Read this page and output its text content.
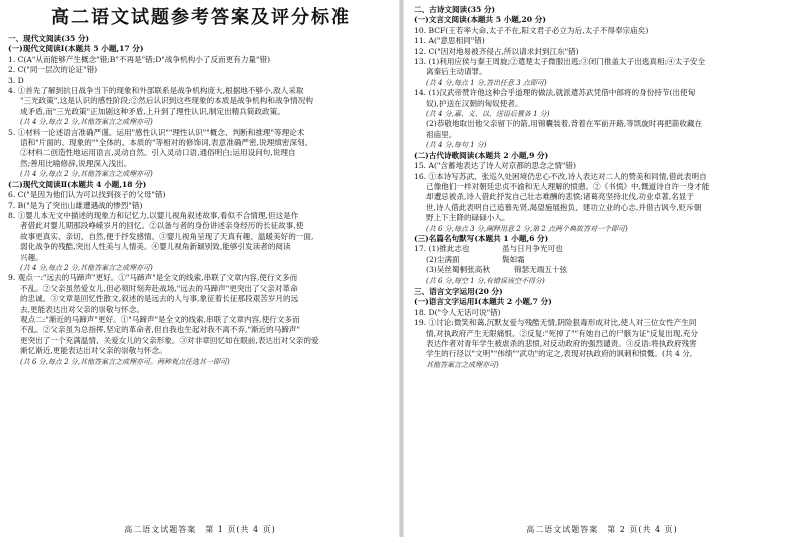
高二语文试题参考答案及评分标准

一、现代文阅读(35 分)

(一)现代文阅读Ⅰ(本题共 5 小题,17 分)

1. C(A"从而能够产生概念"错;B"不再是"错;D"战争机构小了反而更有力量"错)

2. C("同一层次的论证"错)

3. D

4. ①首先了解到抗日战争当下的现象和外部联系是战争机构庞大,根据地不够小,敌人采取

"三光政策",这是认识的感性阶段;②然后认识到这些现象的本质是战争机构和战争情况构

成矛盾,而"三光政策"正加剧这种矛盾,上升到了理性认识,制定出精兵简政政策。

(共 4 分,每点 2 分,其他答案言之成理亦可)

5. ①材料一论述语言准确严谨。运用"感性认识""理性认识""概念、判断和推理"等理论术

语和"片面的、现象的""全体的、本质的"等相对的修饰词,表意准确严密,说理缜密深刻。

②材料二创造性地运用语言,灵动自然。引入灵动口语,通俗明白;运用设问句,说理自

然;善用比喻修辞,说理深入浅出。

(共 4 分,每点 2 分,其他答案言之成理亦可)

(二)现代文阅读Ⅱ(本题共 4 小题,18 分)

6. C("是因为他们认为可以找到孩子的父母"错)

7. B("是为了突出山雄遭遇战的惨烈"错)

8. ①婴儿本无文中描述的现象力和记忆力,以婴儿视角叙述故事,看似不合情理,但这是作

者借此对婴儿期那段峥嵘岁月的回忆。②以备与者的身份讲述亲身经历的长征故事,使

故事更真实、亲切、自然,便于抒发感情。③婴儿视角呈现了天真有趣、温暖美好的一面,

弱化战争的残酷,突出人性美与人情美。④婴儿视角新颖别致,能够引发读者的阅读

兴趣。

(共 4 分,每点 2 分,其他答案言之成理亦可)

9. 观点一:"远去的马蹄声"更好。①"马蹄声"是全文的线索,串联了文章内容,使行文多而

不乱。②父亲虽然爱女儿,但必须时刻奔赴战场,"远去的马蹄声"更突出了父亲对革命

的忠诚。③文章是回忆性散文,叙述的是远去的人与事,象征着长征那段艰苦岁月的远

去,更能表达出对父亲的崇敬与怀念。

观点二:"渐近的马蹄声"更好。①"马蹄声"是全文的线索,串联了文章内容,使行文多而

不乱。②父亲虽为总指挥,坚定的革命者,但自我也生起对我不离不弃,"渐近的马蹄声"

更突出了一个充满温情、关爱女儿的父亲形象。③对非章回忆如在眼前,表达出对父亲的爱

渐忆渐近,更能表达出对父亲的崇敬与怀念。

(共 6 分,每点 2 分,其他答案言之成理亦可。两种观点任选其一即可)

高二语文试题答案　第 1 页(共 4 页)

二、古诗文阅读(35 分)

(一)文言文阅读(本题共 5 小题,20 分)

10. BCF(王若率大命,太子不在,阳文君子必立为后,太子不得奉宗庙矣)

11. A("意思相同"错)

12. C("因对地易被齐侵占,所以请求封到江东"错)

13. (1)利用应侯与秦王周旋;②遣楚太子微服出逃;③闭门推盖太子出逃真相;④太子安全

离秦后主动请罪。

(共 4 分,每点 1 分,答出任意 3 点即可)

14. (1)汉武帝赞许他这种合乎道理的做法,就派遣苏武凭借中郎将的身份持节(出使匈

奴),护送在汉朝的匈奴使者。

(共 4 分,嘉、义、以、送语后置各 1 分)

(2)恭敬地取出他父亲留下的箭,用锦囊装着,背着在军前开路,等凯旋时再把箭收藏在

祖庙里。

(共 4 分,每句 1 分)

(二)古代诗歌阅读(本题共 2 小题,9 分)

15. A("含蓄地表达了诗人对京都的思念之情"错)

16. ①本诗写苏武、张巡久处困境仍忠心不改,诗人表达对二人的赞美和同情,借此表明自

己像他们一样对朝廷忠贞不渝和无人理解的愤懑。②《书愤》中,慨道诗自许一身才能

却遭忌被杀,诗人借此抒发自己壮志难酬的悲愤;诸葛亮坚持北伐,功业卓著,名显于

世,诗人借此表明自己追慕先贤,渴望施展抱负、建功立业的心志,并借古讽今,贬斥朝

野上下主降的碌碌小人。

(共 6 分,每点 3 分,阐释用意 2 分,第 2 点两个典故答对一个即可)

(三)名篇名句默写(本题共 1 小题,6 分)

17. (1)推此志也	虽与日月争光可也
(2)尘满面	鬓如霜
(3)吴丝蜀桐张高秋	锦瑟无端五十弦

(共 6 分,每空 1 分,有错误该空不得分)

三、语言文字运用(20 分)

(一)语言文字运用Ⅰ(本题共 2 小题,7 分)

18. D("令人无话可说"错)

19. ①讨论:微笑和蔼,沉默友爱与残酷无情,阴险狠毒形成对比,使人对三位女性产生同

情,对执政府产生无限痛恨。②反复:"死掉了""有她自己的尸骸为证"反复出现,充分

表达作者对青年学生被虐杀的悲愤,对反动政府的强烈谴责。③反语:将执政府残害

学生的行径以"文明""伟绩""武功"的定之,表现对执政府的讽刺和愤慨。(共 4 分,

其他答案言之成理亦可)

高二语文试题答案　第 2 页(共 4 页)
